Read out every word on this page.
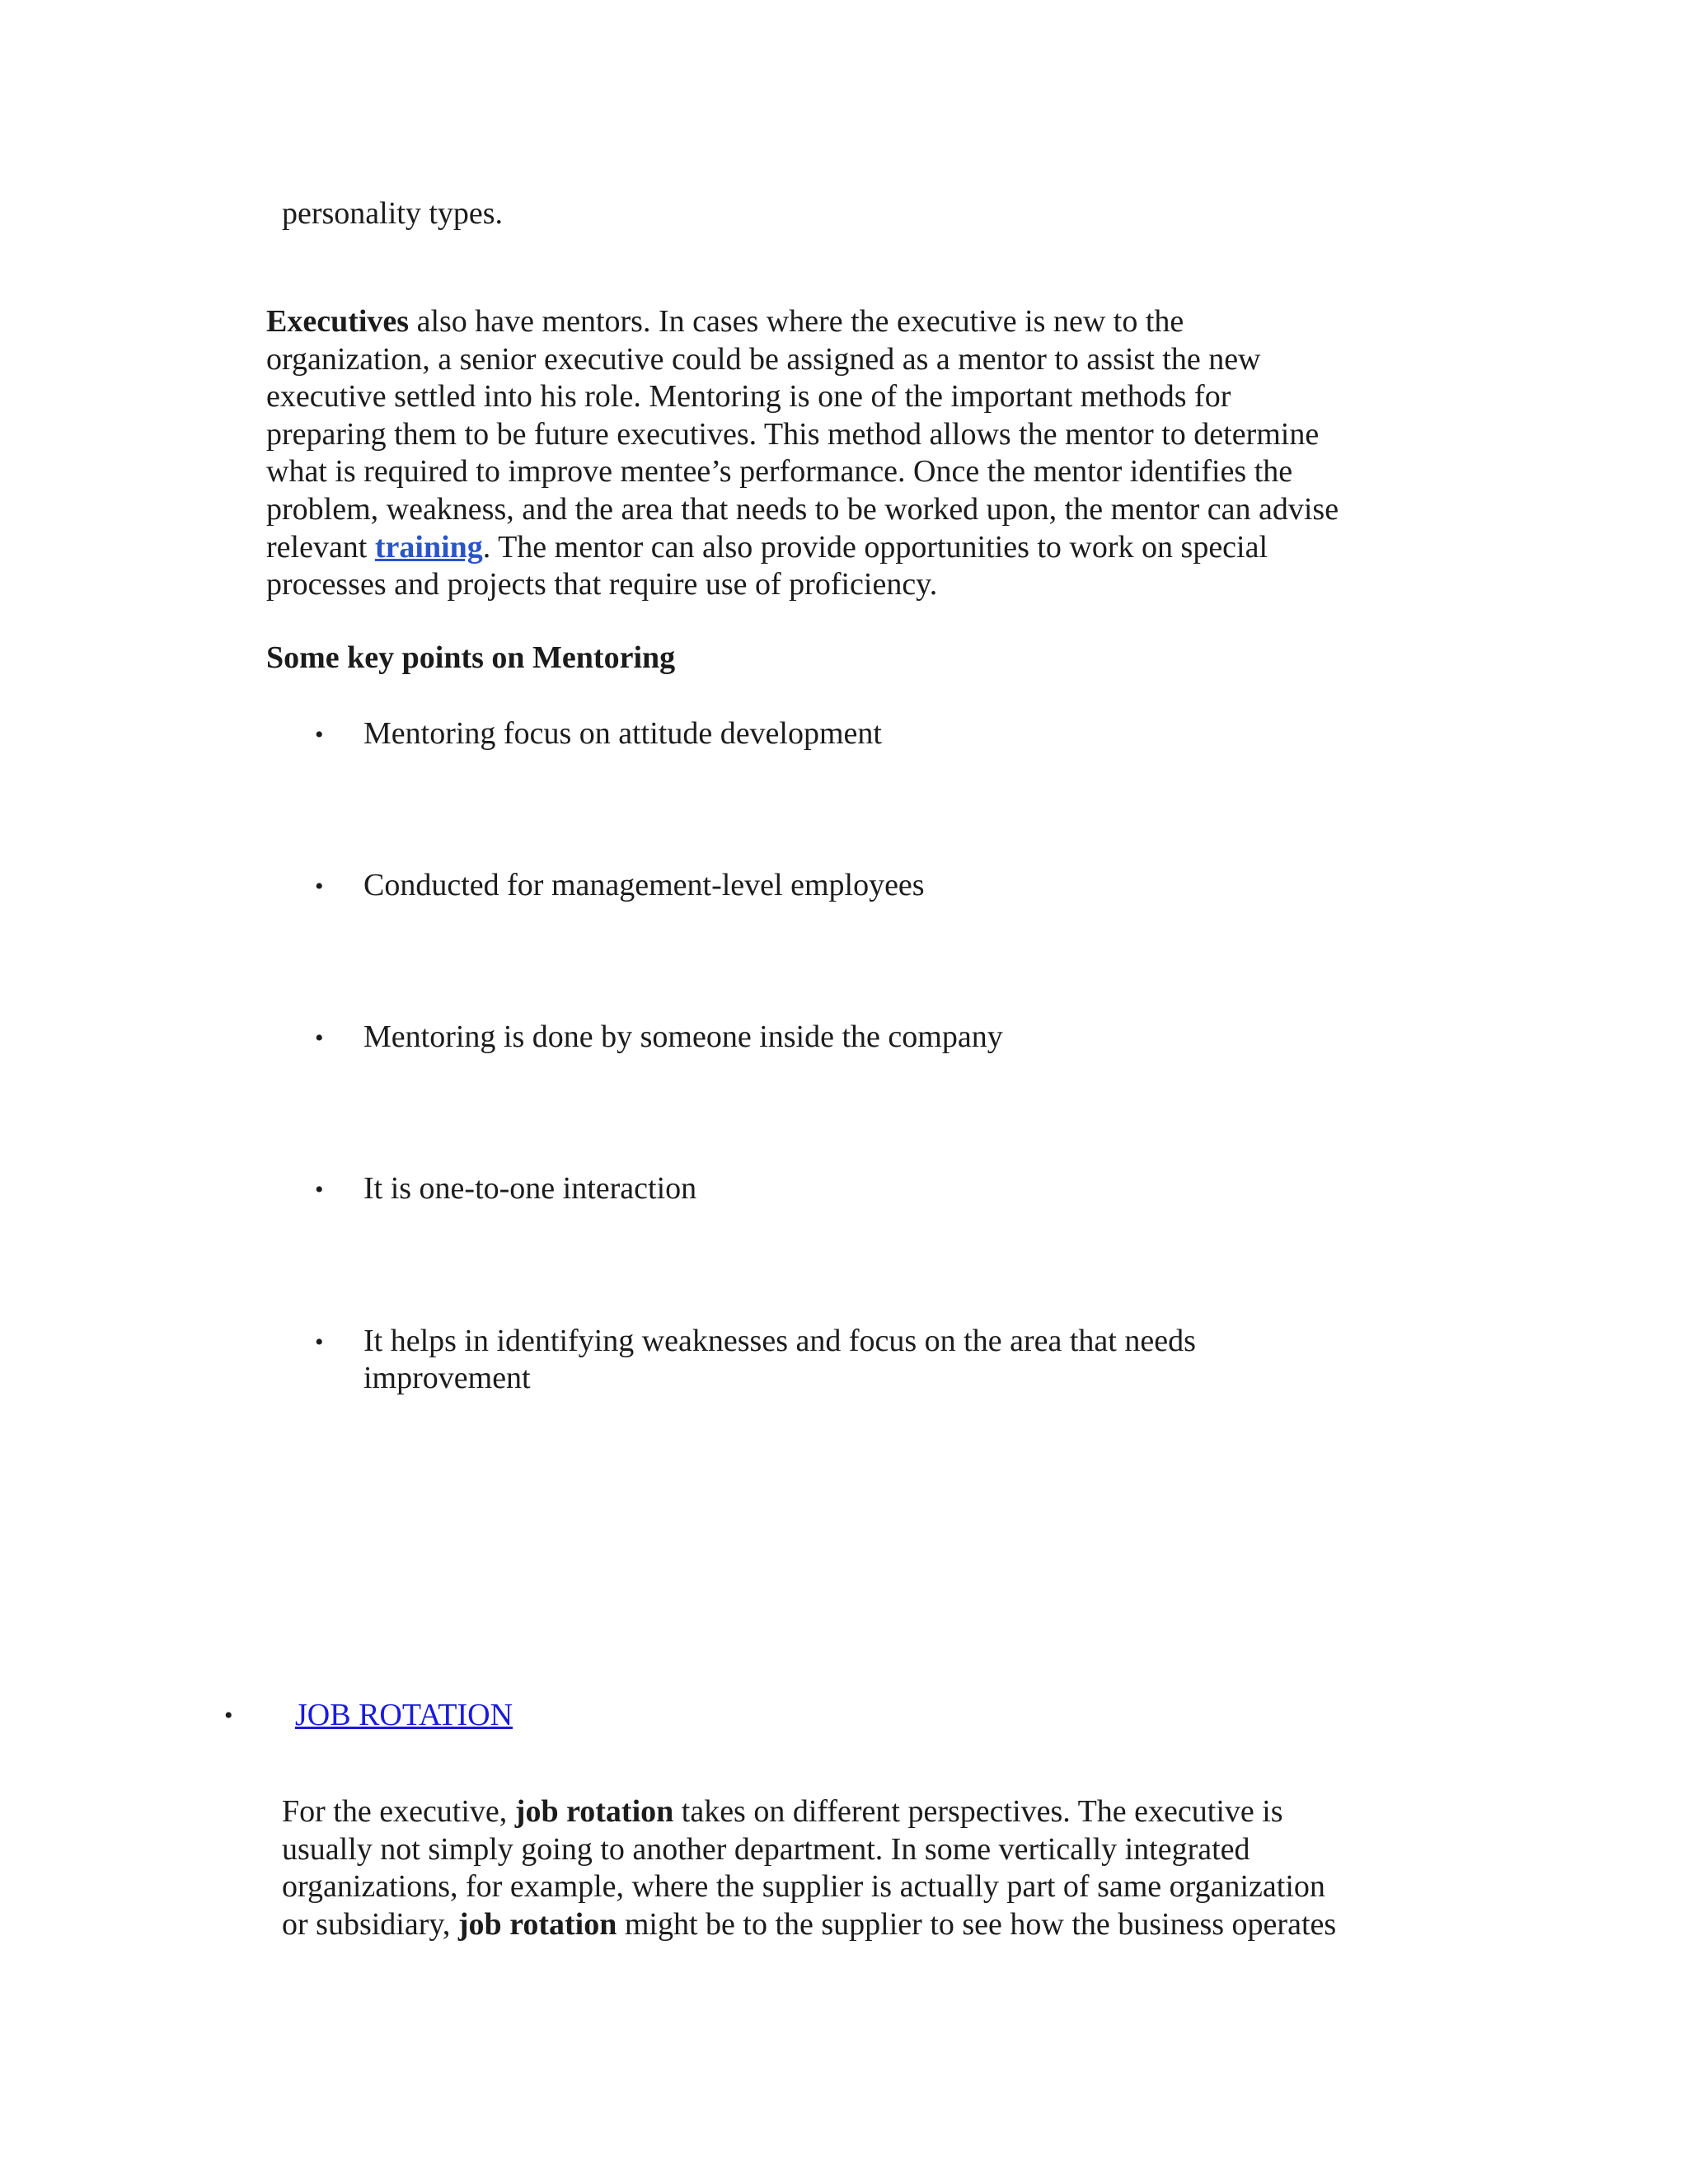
personality types.

Executives also have mentors. In cases where the executive is new to the

organization, a senior executive could be assigned as a mentor to assist the new

executive settled into his role. Mentoring is one of the important methods for

preparing them to be future executives. This method allows the mentor to determine

what is required to improve mentee’s performance. Once the mentor identifies the

problem, weakness, and the area that needs to be worked upon, the mentor can advise

relevant training. The mentor can also provide opportunities to work on special

processes and projects that require use of proficiency.

Some key points on Mentoring
• Mentoring focus on attitude development

• Conducted for management-level employees

• Mentoring is done by someone inside the company

• It is one-to-one interaction

• It helps in identifying weaknesses and focus on the area that needs

improvement

• JOB ROTATION

For the executive, job rotation takes on different perspectives. The executive is

usually not simply going to another department. In some vertically integrated

organizations, for example, where the supplier is actually part of same organization

or subsidiary, job rotation might be to the supplier to see how the business operates
